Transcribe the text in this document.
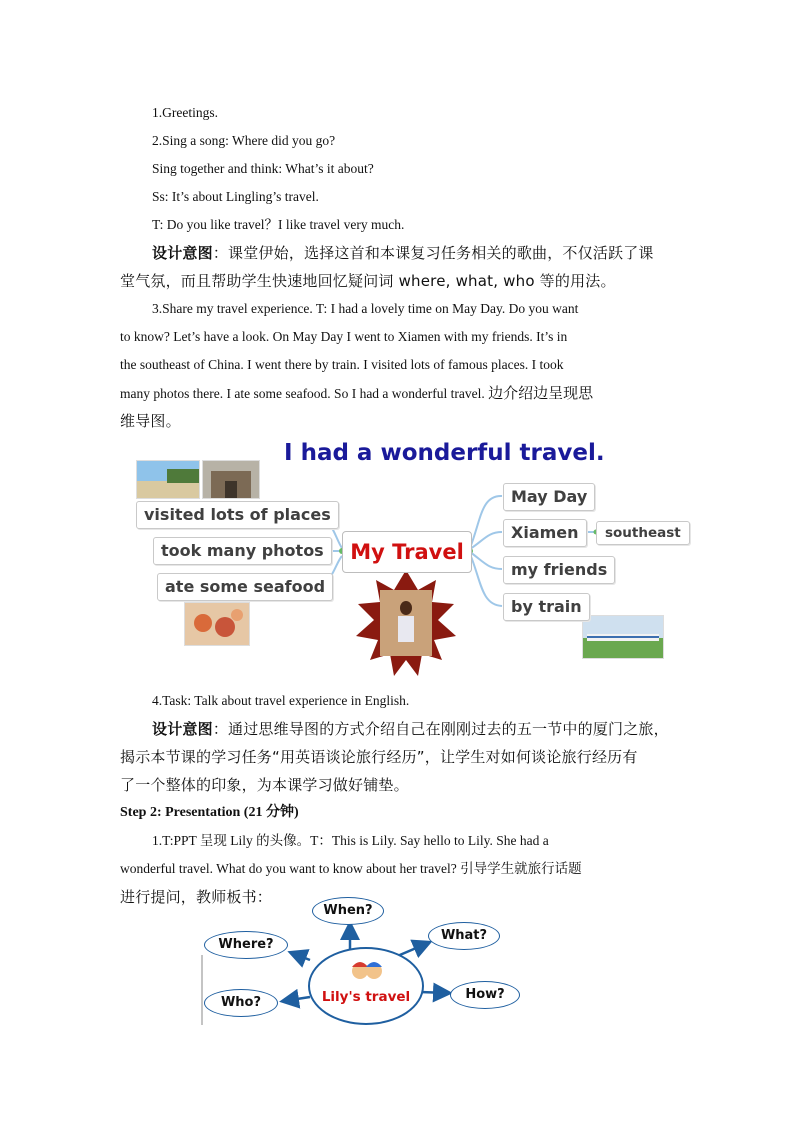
1.Greetings.
2.Sing a song: Where did you go?
Sing together and think: What’s it about?
Ss: It’s about Lingling’s travel.
T: Do you like travel？I like travel very much.
设计意图：课堂伊始，选择这首和本课复习任务相关的歌曲，不仅活跃了课
堂气氛，而且帮助学生快速地回忆疑问词 where, what, who 等的用法。
3.Share my travel experience. T: I had a lovely time on May Day. Do you want
to know? Let’s have a look. On May Day I went to Xiamen with my friends. It’s in
the southeast of China. I went there by train. I visited lots of famous places. I took
many photos there. I ate some seafood. So I had a wonderful travel. 边介绍边呈现思
维导图。
I had a wonderful travel.
visited lots of places
took many photos
ate some seafood
My Travel
May Day
Xiamen
my friends
by train
southeast
4.Task: Talk about travel experience in English.
设计意图：通过思维导图的方式介绍自己在刚刚过去的五一节中的厦门之旅，
揭示本节课的学习任务“用英语谈论旅行经历”，让学生对如何谈论旅行经历有
了一个整体的印象，为本课学习做好铺垫。
Step 2: Presentation (21 分钟)
1.T:PPT 呈现 Lily 的头像。T：This is Lily. Say hello to Lily. She had a
wonderful travel. What do you want to know about her travel? 引导学生就旅行话题
进行提问，教师板书：
When?
What?
Where?
Who?
How?
Lily's travel
